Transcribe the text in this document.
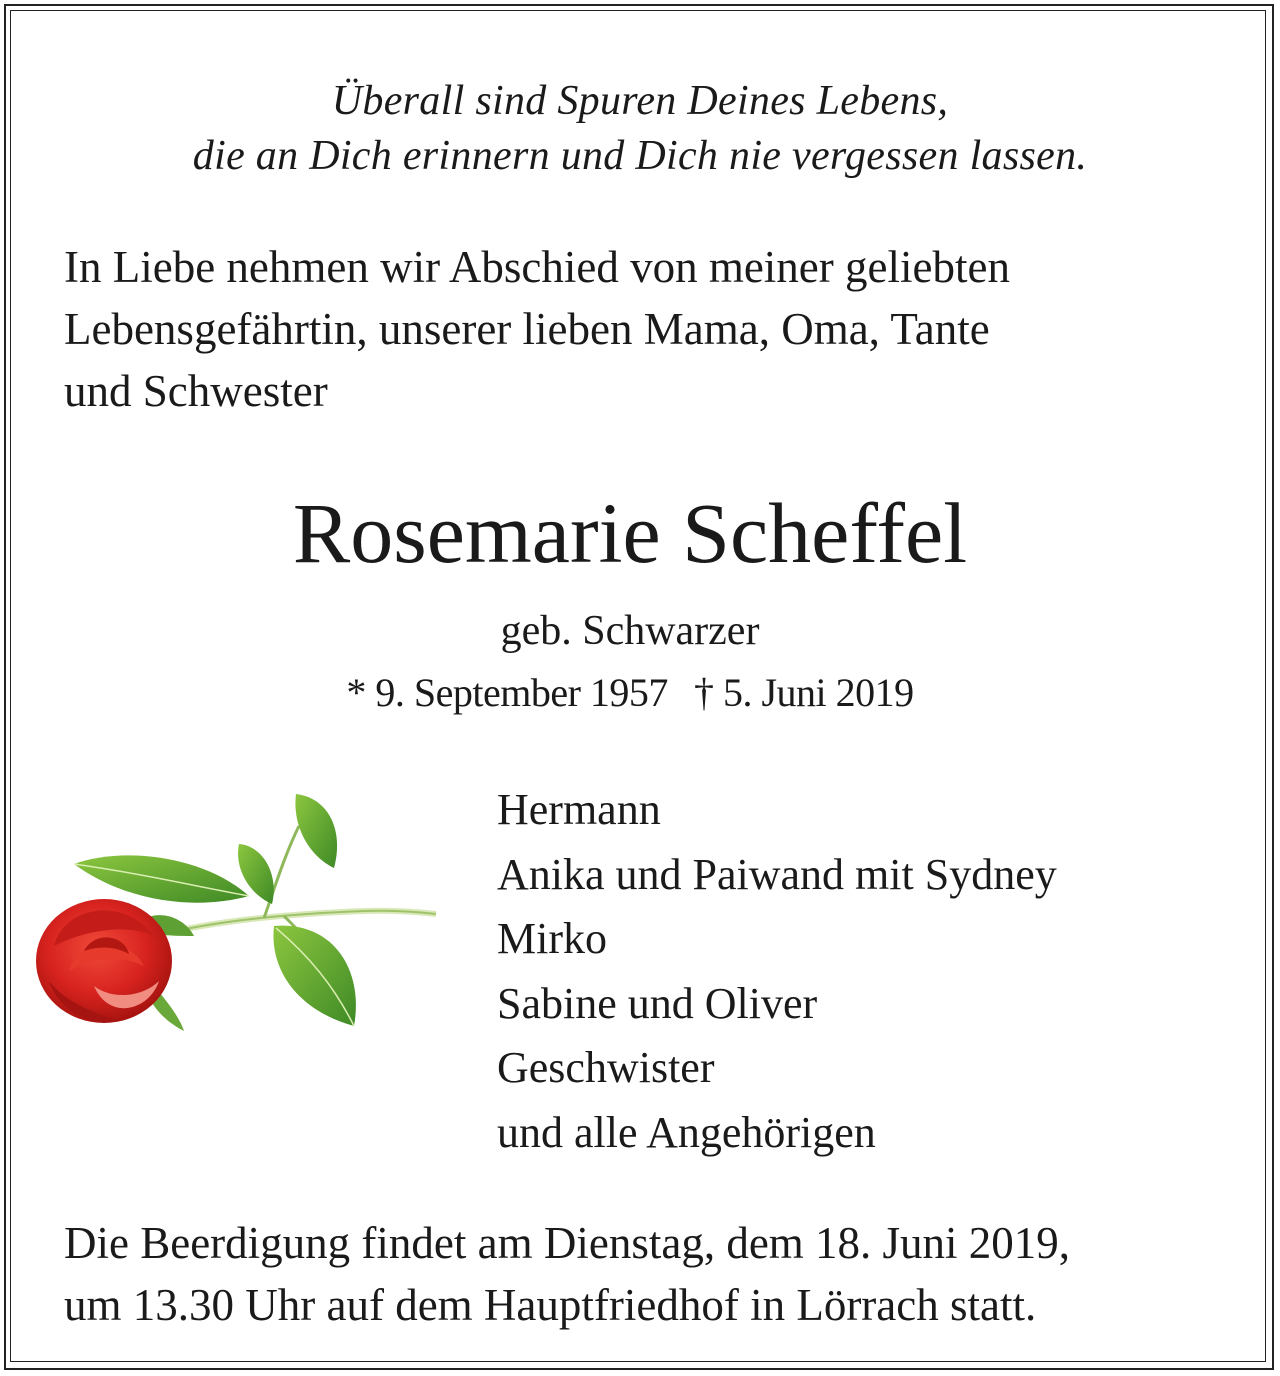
Überall sind Spuren Deines Lebens,
die an Dich erinnern und Dich nie vergessen lassen.
In Liebe nehmen wir Abschied von meiner geliebten
Lebensgefährtin, unserer lieben Mama, Oma, Tante
und Schwester
Rosemarie Scheffel
geb. Schwarzer
* 9. September 1957 † 5. Juni 2019
Hermann
Anika und Paiwand mit Sydney
Mirko
Sabine und Oliver
Geschwister
und alle Angehörigen
Die Beerdigung findet am Dienstag, dem 18. Juni 2019,
um 13.30 Uhr auf dem Hauptfriedhof in Lörrach statt.
